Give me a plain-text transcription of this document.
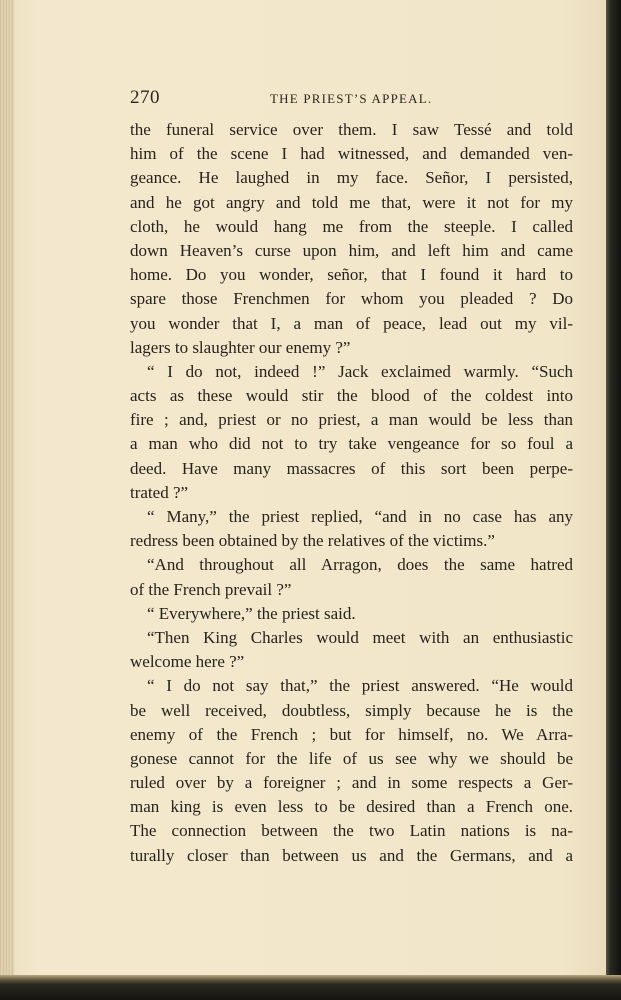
270	THE PRIEST’S APPEAL.
the funeral service over them. I saw Tessé and told
him of the scene I had witnessed, and demanded ven-
geance. He laughed in my face. Señor, I persisted,
and he got angry and told me that, were it not for my
cloth, he would hang me from the steeple. I called
down Heaven’s curse upon him, and left him and came
home. Do you wonder, señor, that I found it hard to
spare those Frenchmen for whom you pleaded ? Do
you wonder that I, a man of peace, lead out my vil-
lagers to slaughter our enemy ?”
“ I do not, indeed !” Jack exclaimed warmly. “Such
acts as these would stir the blood of the coldest into
fire ; and, priest or no priest, a man would be less than
a man who did not to try take vengeance for so foul a
deed. Have many massacres of this sort been perpe-
trated ?”
“ Many,” the priest replied, “and in no case has any
redress been obtained by the relatives of the victims.”
“And throughout all Arragon, does the same hatred
of the French prevail ?”
“ Everywhere,” the priest said.
“Then King Charles would meet with an enthusiastic
welcome here ?”
“ I do not say that,” the priest answered. “He would
be well received, doubtless, simply because he is the
enemy of the French ; but for himself, no. We Arra-
gonese cannot for the life of us see why we should be
ruled over by a foreigner ; and in some respects a Ger-
man king is even less to be desired than a French one.
The connection between the two Latin nations is na-
turally closer than between us and the Germans, and a
